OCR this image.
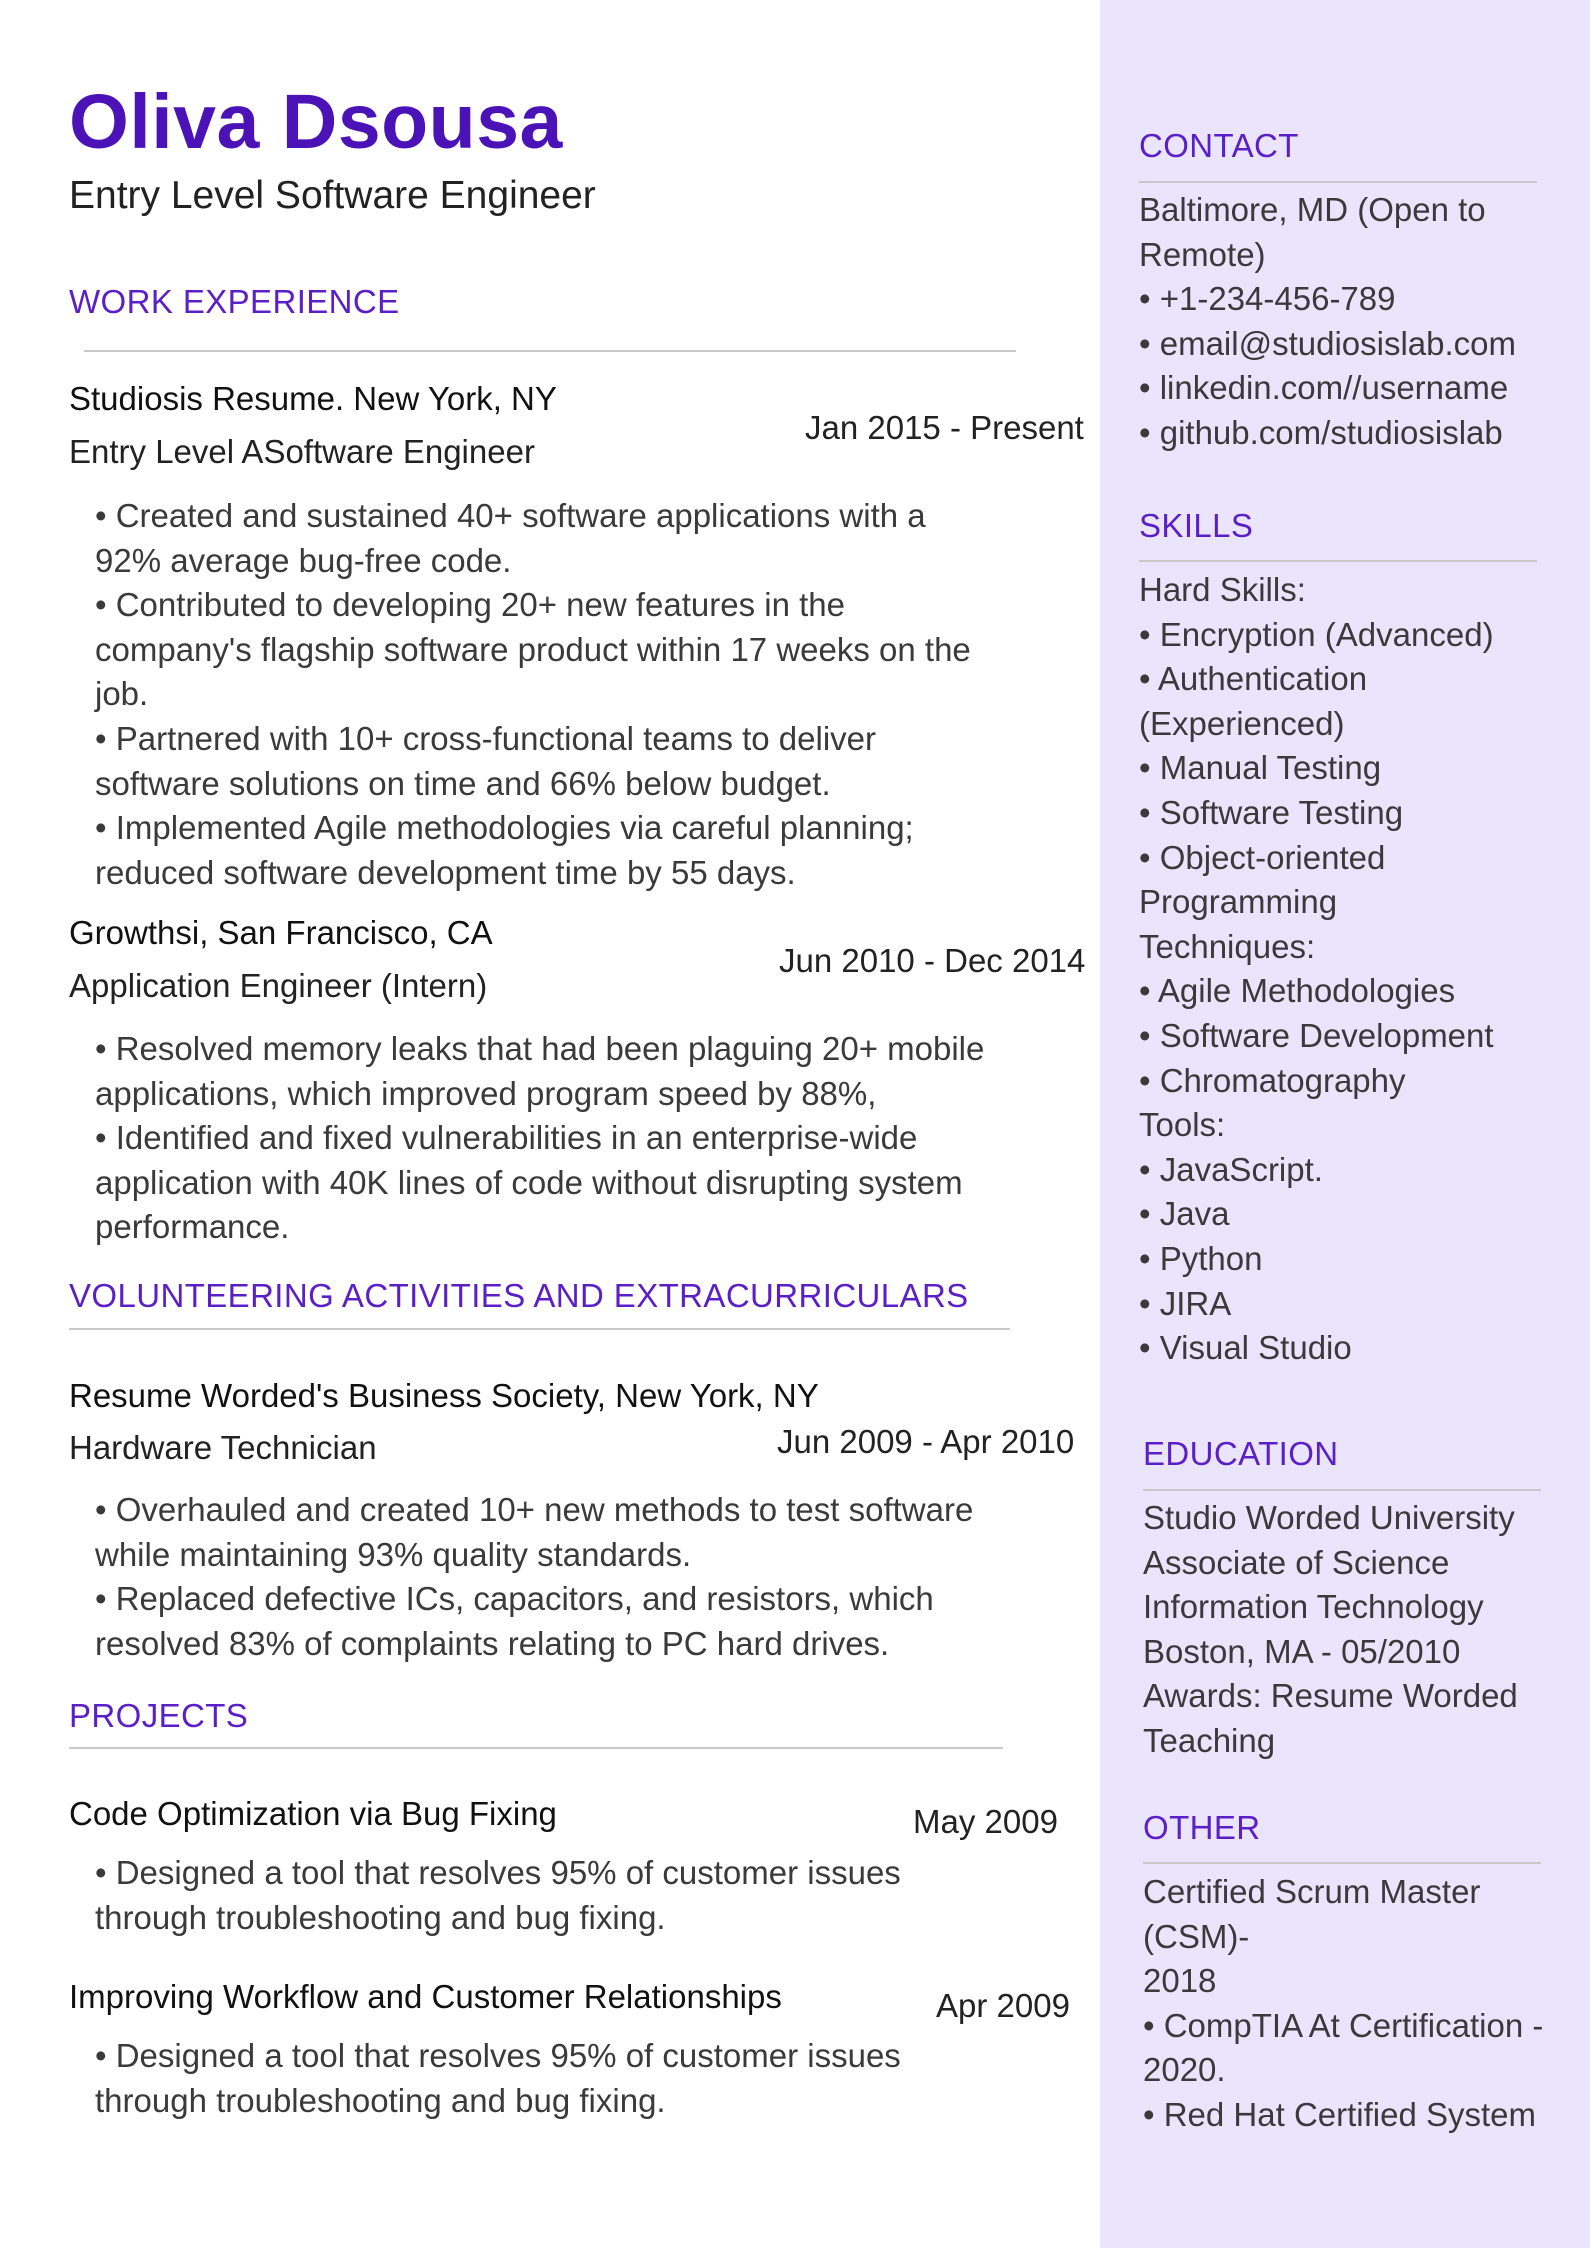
Oliva Dsousa
Entry Level Software Engineer
WORK EXPERIENCE
Studiosis Resume. New York, NY
Jan 2015 - Present
Entry Level ASoftware Engineer
• Created and sustained 40+ software applications with a
92% average bug-free code.
• Contributed to developing 20+ new features in the
company's flagship software product within 17 weeks on the
job.
• Partnered with 10+ cross-functional teams to deliver
software solutions on time and 66% below budget.
• Implemented Agile methodologies via careful planning;
reduced software development time by 55 days.
Growthsi, San Francisco, CA
Jun 2010 - Dec 2014
Application Engineer (Intern)
• Resolved memory leaks that had been plaguing 20+ mobile
applications, which improved program speed by 88%,
• Identified and fixed vulnerabilities in an enterprise-wide
application with 40K lines of code without disrupting system
performance.
VOLUNTEERING ACTIVITIES AND EXTRACURRICULARS
Resume Worded's Business Society, New York, NY
Jun 2009 - Apr 2010
Hardware Technician
• Overhauled and created 10+ new methods to test software
while maintaining 93% quality standards.
• Replaced defective ICs, capacitors, and resistors, which
resolved 83% of complaints relating to PC hard drives.
PROJECTS
Code Optimization via Bug Fixing	May 2009
• Designed a tool that resolves 95% of customer issues
through troubleshooting and bug fixing.
Improving Workflow and Customer Relationships	Apr 2009
• Designed a tool that resolves 95% of customer issues
through troubleshooting and bug fixing.
CONTACT
Baltimore, MD (Open to
Remote)
• +1-234-456-789
• email@studiosislab.com
• linkedin.com//username
• github.com/studiosislab
SKILLS
Hard Skills:
• Encryption (Advanced)
• Authentication
(Experienced)
• Manual Testing
• Software Testing
• Object-oriented
Programming
Techniques:
• Agile Methodologies
• Software Development
• Chromatography
Tools:
• JavaScript.
• Java
• Python
• JIRA
• Visual Studio
EDUCATION
Studio Worded University
Associate of Science
Information Technology
Boston, MA - 05/2010
Awards: Resume Worded
Teaching
OTHER
Certified Scrum Master
(CSM)-
2018
• CompTIA At Certification -
2020.
• Red Hat Certified System
